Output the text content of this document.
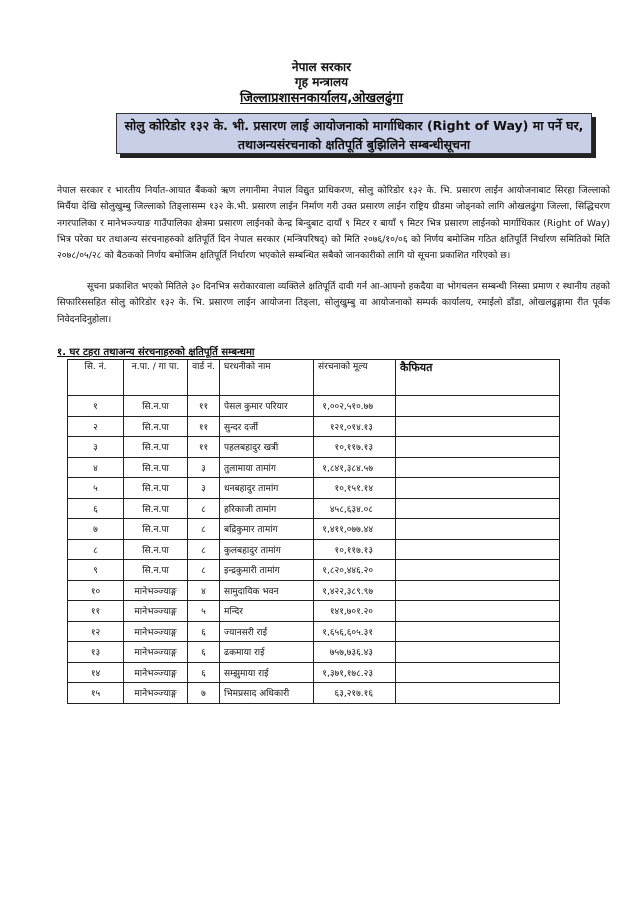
नेपाल सरकार
गृह मन्त्रालय
जिल्लाप्रशासनकार्यालय,ओखलढुंगा
सोलु कोरिडोर १३२ के. भी. प्रसारण लाई आयोजनाको मार्गाधिकार (Right of Way) मा पर्ने घर,
तथाअन्यसंरचनाको क्षतिपूर्ति बुझिलिने सम्बन्धीसूचना

नेपाल सरकार र भारतीय निर्यात-आयात बैंकको ऋण लगानीमा नेपाल विद्युत प्राधिकरण, सोलु कोरिडोर १३२ के. भि. प्रसारण लाईन आयोजनाबाट सिरहा जिल्लाको मिर्चैया देखि सोलुखुम्बु जिल्लाको तिङ्लासम्म १३२ के.भी. प्रसारण लाईन निर्माण गरी उक्त प्रसारण लाईन राष्ट्रिय ग्रीडमा जोड्नको लागि ओखलढुंगा जिल्ला, सिद्धिचरण नगरपालिका र मानेभञ्ज्याङ गाउँपालिका क्षेत्रमा प्रसारण लाईनको केन्द्र बिन्दुबाट दायाँ ९ मिटर र बायाँ ९ मिटर भित्र प्रसारण लाईनको मार्गाधिकार (Right of Way) भित्र परेका घर तथाअन्य संरचनाहरुको क्षतिपूर्ति दिन नेपाल सरकार (मन्त्रिपरिषद्) को मिति २०७६/१०/०६ को निर्णय बमोजिम गठित क्षतिपूर्ति निर्धारण समितिको मिति २०७८/०५/२८ को बैठकको निर्णय बमोजिम क्षतिपूर्ति निर्धारण भएकोले सम्बन्धित सबैको जानकारीको लागि यो सूचना प्रकाशित गरिएको छ।

सूचना प्रकाशित भएको मितिले ३० दिनभित्र सरोकारवाला व्यक्तिले क्षतिपूर्ति दावी गर्न आ-आफ्नो हकदैया वा भोगचलन सम्बन्धी निस्सा प्रमाण र स्थानीय तहको सिफारिससहित सोलु कोरिडोर १३२ के. भि. प्रसारण लाईन आयोजना तिङ्ला, सोलुखुम्बु वा आयोजनाको सम्पर्क कार्यालय, रमाईलो डाँडा, ओखलढुङ्गामा रीत पूर्वक निवेदनदिनुहोला।

१. घर टहरा तथाअन्य संरचनाहरुको क्षतिपूर्ति सम्बन्धमा
सि. नं.	न.पा. / गा पा.	वार्ड नं.	घरधनीको नाम	संरचनाको मूल्य	कैफियत
१	सि.न.पा	११	पेसल कुमार परियार	१,००२,५१०.७७	
२	सि.न.पा	११	सुन्दर दर्जी	१२१,०१४.१३	
३	सि.न.पा	११	पहलबहादुर खत्री	१०,११७.१३	
४	सि.न.पा	३	तुलामाया तामांग	१,८४१,३८४.५७	
५	सि.न.पा	३	धनबहादुर तामांग	१०,१५१.१४	
६	सि.न.पा	८	हरिकाजी तामांग	४५८,६३४.०८	
७	सि.न.पा	८	बद्रिकुमार तामांग	१,४११,०७७.४४	
८	सि.न.पा	८	कुलबहादुर तामांग	१०,११७.१३	
९	सि.न.पा	८	इन्द्रकुमारी तामांग	१,८२०,४४६.२०	
१०	मानेभञ्ज्याङ्ग	४	सामुदायिक भवन	१,४२२,३८९.९७	
११	मानेभञ्ज्याङ्ग	५	मन्दिर	१४१,७०१.२०	
१२	मानेभञ्ज्याङ्ग	६	ज्यानसरी राई	१,६५६,६०५.३१	
१३	मानेभञ्ज्याङ्ग	६	ढकमाया राई	७५७,७३६.४३	
१४	मानेभञ्ज्याङ्ग	६	सम्झुमाया राई	१,३७१,१७८.२३	
१५	मानेभञ्ज्याङ्ग	७	भिमप्रसाद अधिकारी	६३,२१७.१६	
